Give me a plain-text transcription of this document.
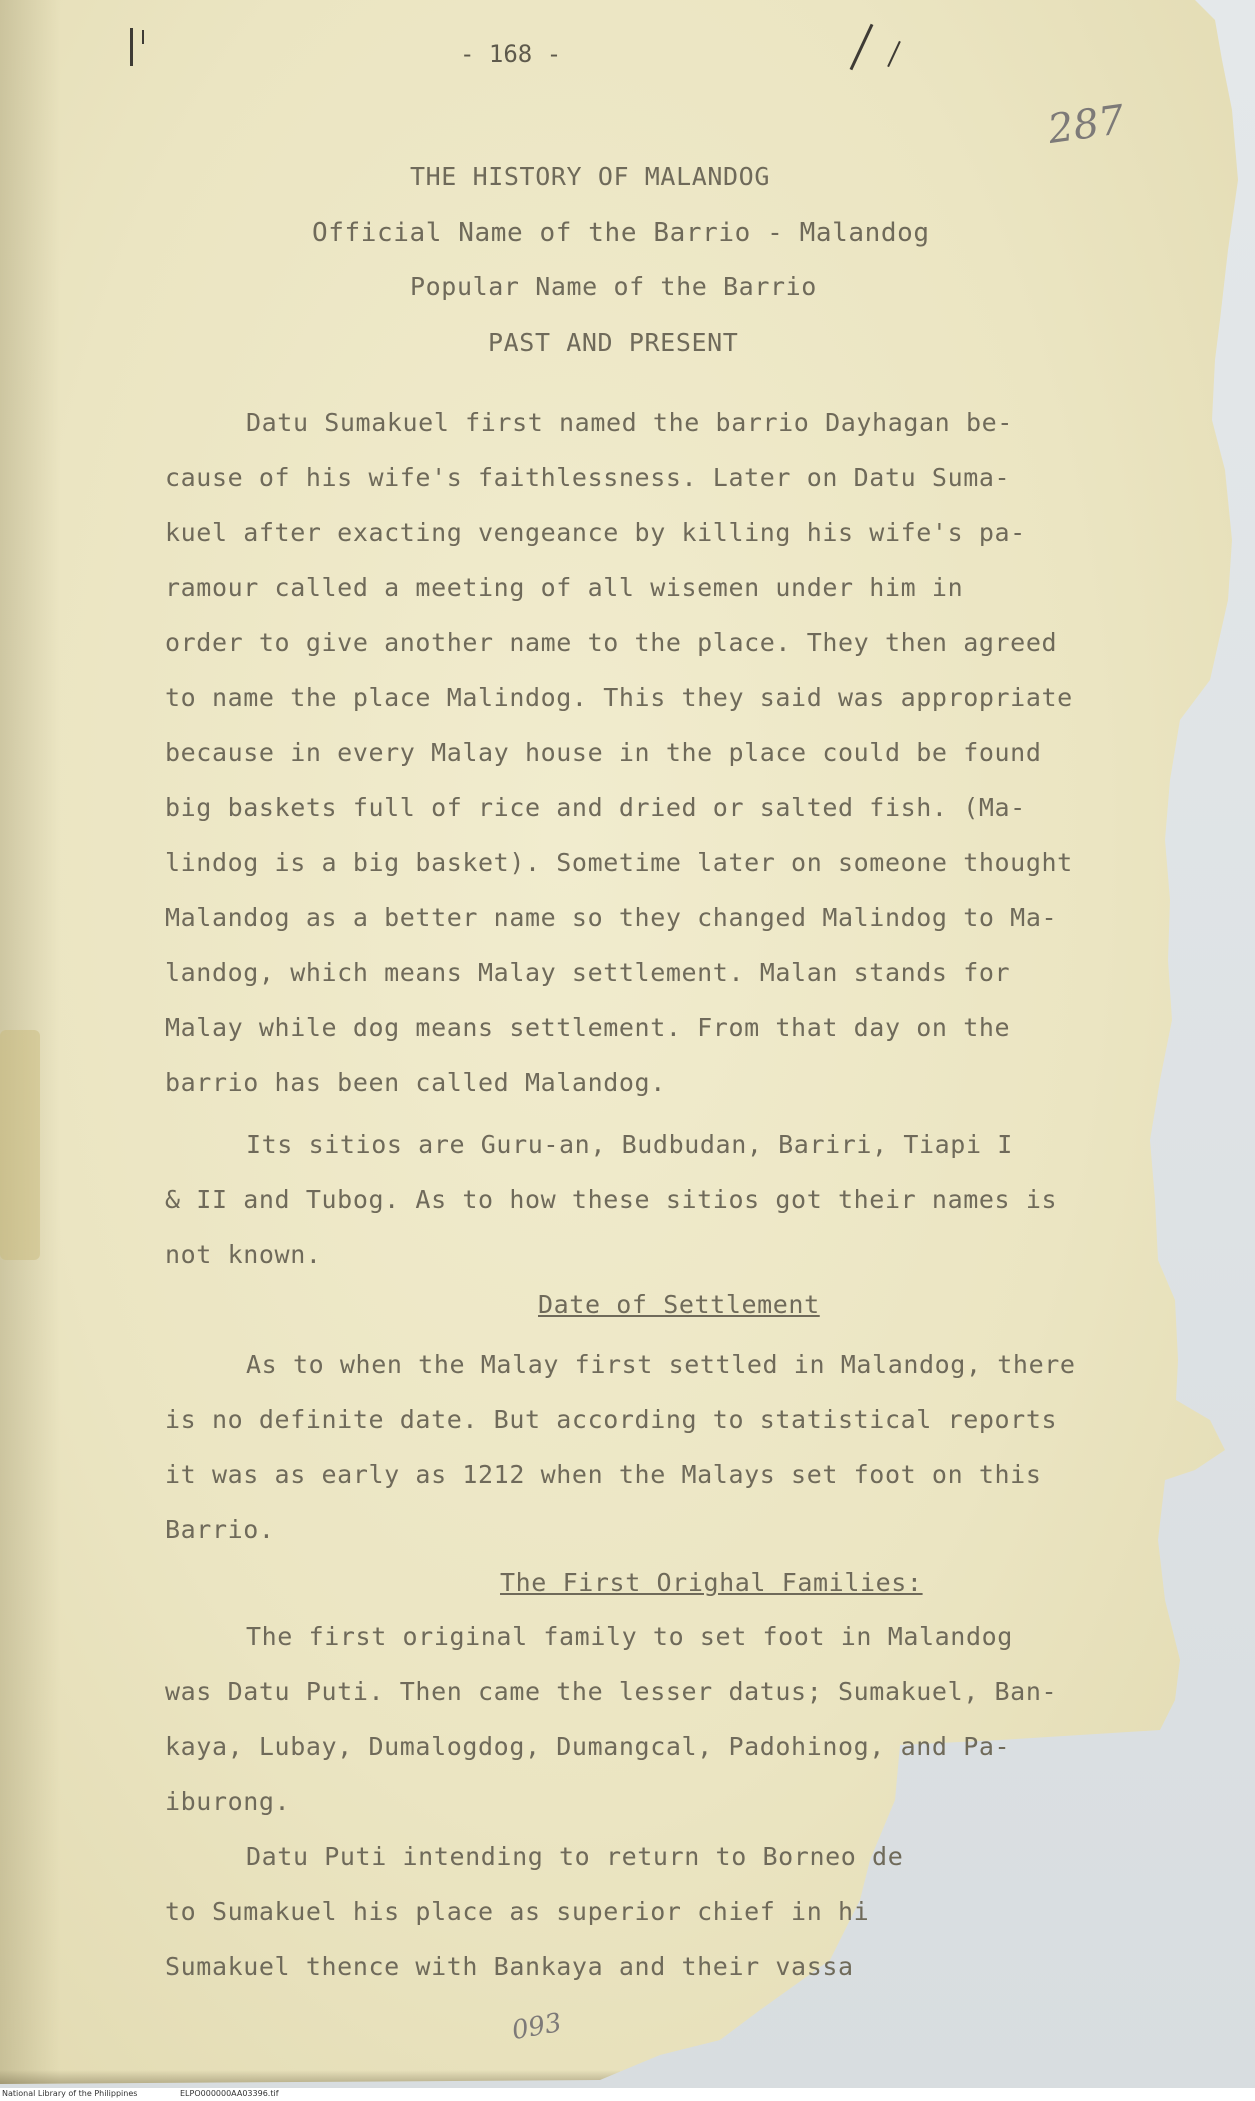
- 168 -
287
THE HISTORY OF MALANDOG
Official Name of the Barrio - Malandog
Popular Name of the Barrio
PAST AND PRESENT
Datu Sumakuel first named the barrio Dayhagan be-
cause of his wife's faithlessness. Later on Datu Suma-
kuel after exacting vengeance by killing his wife's pa-
ramour called a meeting of all wisemen under him in
order to give another name to the place. They then agreed
to name the place Malindog. This they said was appropriate
because in every Malay house in the place could be found
big baskets full of rice and dried or salted fish. (Ma-
lindog is a big basket). Sometime later on someone thought
Malandog as a better name so they changed Malindog to Ma-
landog, which means Malay settlement. Malan stands for
Malay while dog means settlement. From that day on the
barrio has been called Malandog.
Its sitios are Guru-an, Budbudan, Bariri, Tiapi I
& II and Tubog. As to how these sitios got their names is
not known.
Date of Settlement
As to when the Malay first settled in Malandog, there
is no definite date. But according to statistical reports
it was as early as 1212 when the Malays set foot on this
Barrio.
The First Orighal Families:
The first original family to set foot in Malandog
was Datu Puti. Then came the lesser datus; Sumakuel, Ban-
kaya, Lubay, Dumalogdog, Dumangcal, Padohinog, and Pa-
iburong.
Datu Puti intending to return to Borneo de
to Sumakuel his place as superior chief in hi
Sumakuel thence with Bankaya and their vassa
093
National Library of the Philippines	ELPO000000AA03396.tif
